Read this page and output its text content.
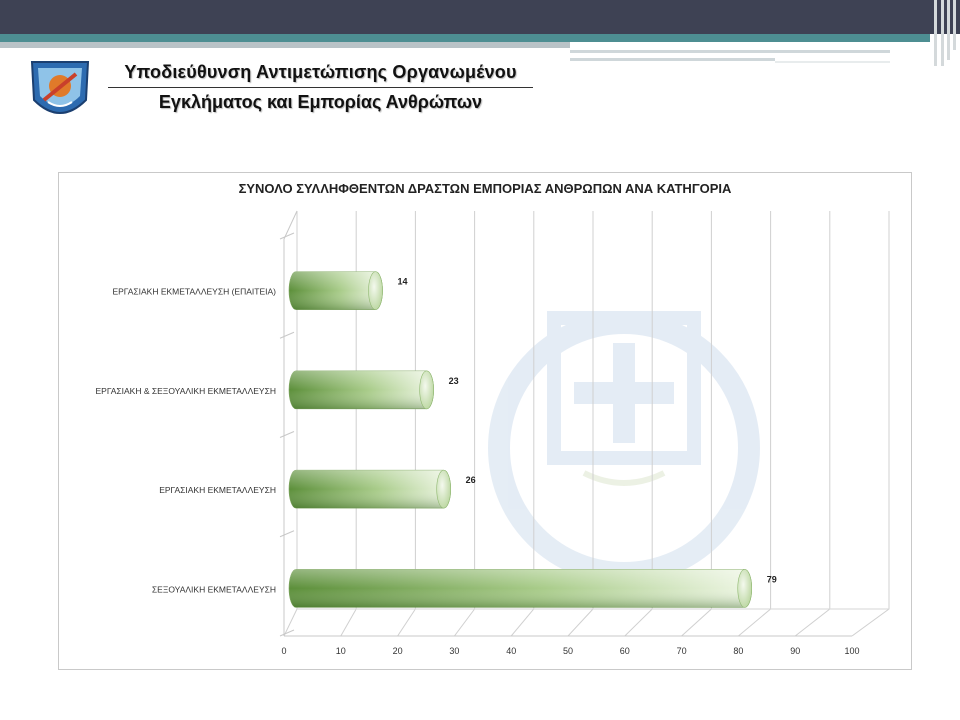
Υποδιεύθυνση Αντιμετώπισης Οργανωμένου
Εγκλήματος και Εμπορίας Ανθρώπων
ΣΥΝΟΛΟ ΣΥΛΛΗΦΘΕΝΤΩΝ ΔΡΑΣΤΩΝ ΕΜΠΟΡΙΑΣ ΑΝΘΡΩΠΩΝ ΑΝΑ ΚΑΤΗΓΟΡΙΑ
0	10	20	30	40	50	60	70	80	90	100
14
ΕΡΓΑΣΙΑΚΗ ΕΚΜΕΤΑΛΛΕΥΣΗ (ΕΠΑΙΤΕΙΑ)
23
ΕΡΓΑΣΙΑΚΗ & ΣΕΞΟΥΑΛΙΚΗ ΕΚΜΕΤΑΛΛΕΥΣΗ
26
ΕΡΓΑΣΙΑΚΗ ΕΚΜΕΤΑΛΛΕΥΣΗ
79
ΣΕΞΟΥΑΛΙΚΗ ΕΚΜΕΤΑΛΛΕΥΣΗ
